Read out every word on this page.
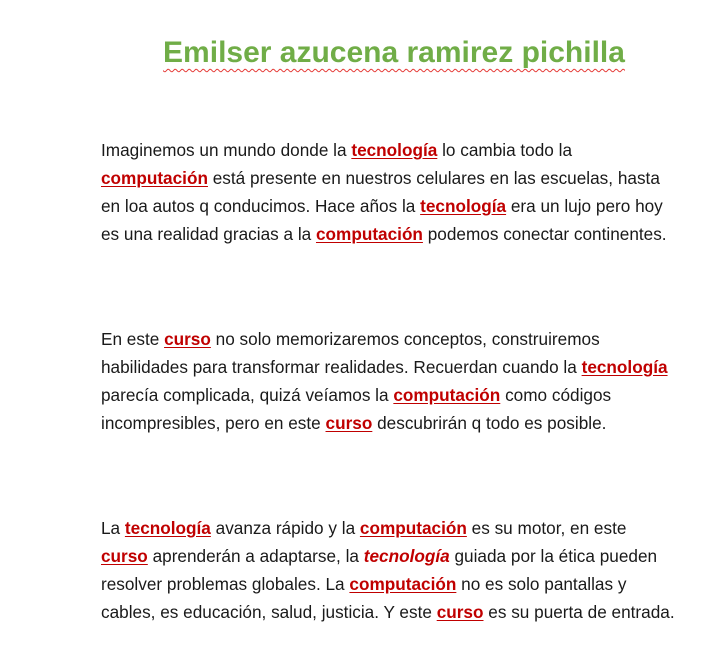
Emilser azucena ramirez pichilla

Imaginemos un mundo donde la tecnología lo cambia todo la computación está presente en nuestros celulares en las escuelas, hasta en loa autos q conducimos. Hace años la tecnología era un lujo pero hoy es una realidad gracias a la computación podemos conectar continentes.

En este curso no solo memorizaremos conceptos, construiremos habilidades para transformar realidades. Recuerdan cuando la tecnología parecía complicada, quizá veíamos la computación como códigos incompresibles, pero en este curso descubrirán q todo es posible.

La tecnología avanza rápido y la computación es su motor, en este curso aprenderán a adaptarse, la tecnología guiada por la ética pueden resolver problemas globales. La computación no es solo pantallas y cables, es educación, salud, justicia. Y este curso es su puerta de entrada.
